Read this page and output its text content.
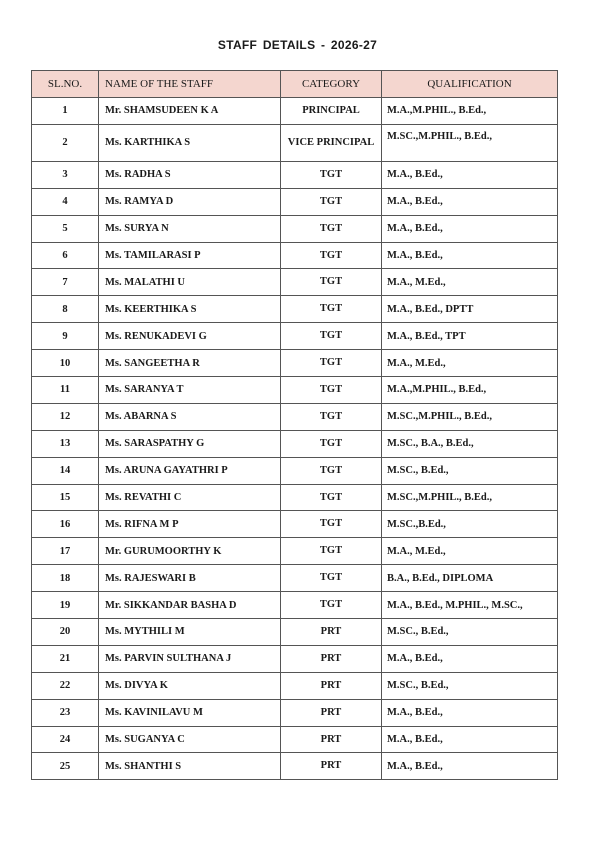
STAFF DETAILS - 2026-27
SL.NO.	NAME OF THE STAFF	CATEGORY	QUALIFICATION
1	Mr. SHAMSUDEEN K A	PRINCIPAL	M.A.,M.PHIL., B.Ed.,
2	Ms. KARTHIKA S	VICE PRINCIPAL	M.SC.,M.PHIL., B.Ed.,
3	Ms. RADHA S	TGT	M.A., B.Ed.,
4	Ms. RAMYA D	TGT	M.A., B.Ed.,
5	Ms. SURYA N	TGT	M.A., B.Ed.,
6	Ms. TAMILARASI P	TGT	M.A., B.Ed.,
7	Ms. MALATHI U	TGT	M.A., M.Ed.,
8	Ms. KEERTHIKA S	TGT	M.A., B.Ed., DPTT
9	Ms. RENUKADEVI G	TGT	M.A., B.Ed., TPT
10	Ms. SANGEETHA R	TGT	M.A., M.Ed.,
11	Ms. SARANYA T	TGT	M.A.,M.PHIL., B.Ed.,
12	Ms. ABARNA S	TGT	M.SC.,M.PHIL., B.Ed.,
13	Ms. SARASPATHY G	TGT	M.SC., B.A., B.Ed.,
14	Ms. ARUNA GAYATHRI P	TGT	M.SC., B.Ed.,
15	Ms. REVATHI C	TGT	M.SC.,M.PHIL., B.Ed.,
16	Ms. RIFNA M P	TGT	M.SC.,B.Ed.,
17	Mr. GURUMOORTHY K	TGT	M.A., M.Ed.,
18	Ms. RAJESWARI B	TGT	B.A., B.Ed., DIPLOMA
19	Mr. SIKKANDAR BASHA D	TGT	M.A., B.Ed., M.PHIL., M.SC.,
20	Ms. MYTHILI M	PRT	M.SC., B.Ed.,
21	Ms. PARVIN SULTHANA J	PRT	M.A., B.Ed.,
22	Ms. DIVYA K	PRT	M.SC., B.Ed.,
23	Ms. KAVINILAVU M	PRT	M.A., B.Ed.,
24	Ms. SUGANYA C	PRT	M.A., B.Ed.,
25	Ms. SHANTHI S	PRT	M.A., B.Ed.,
